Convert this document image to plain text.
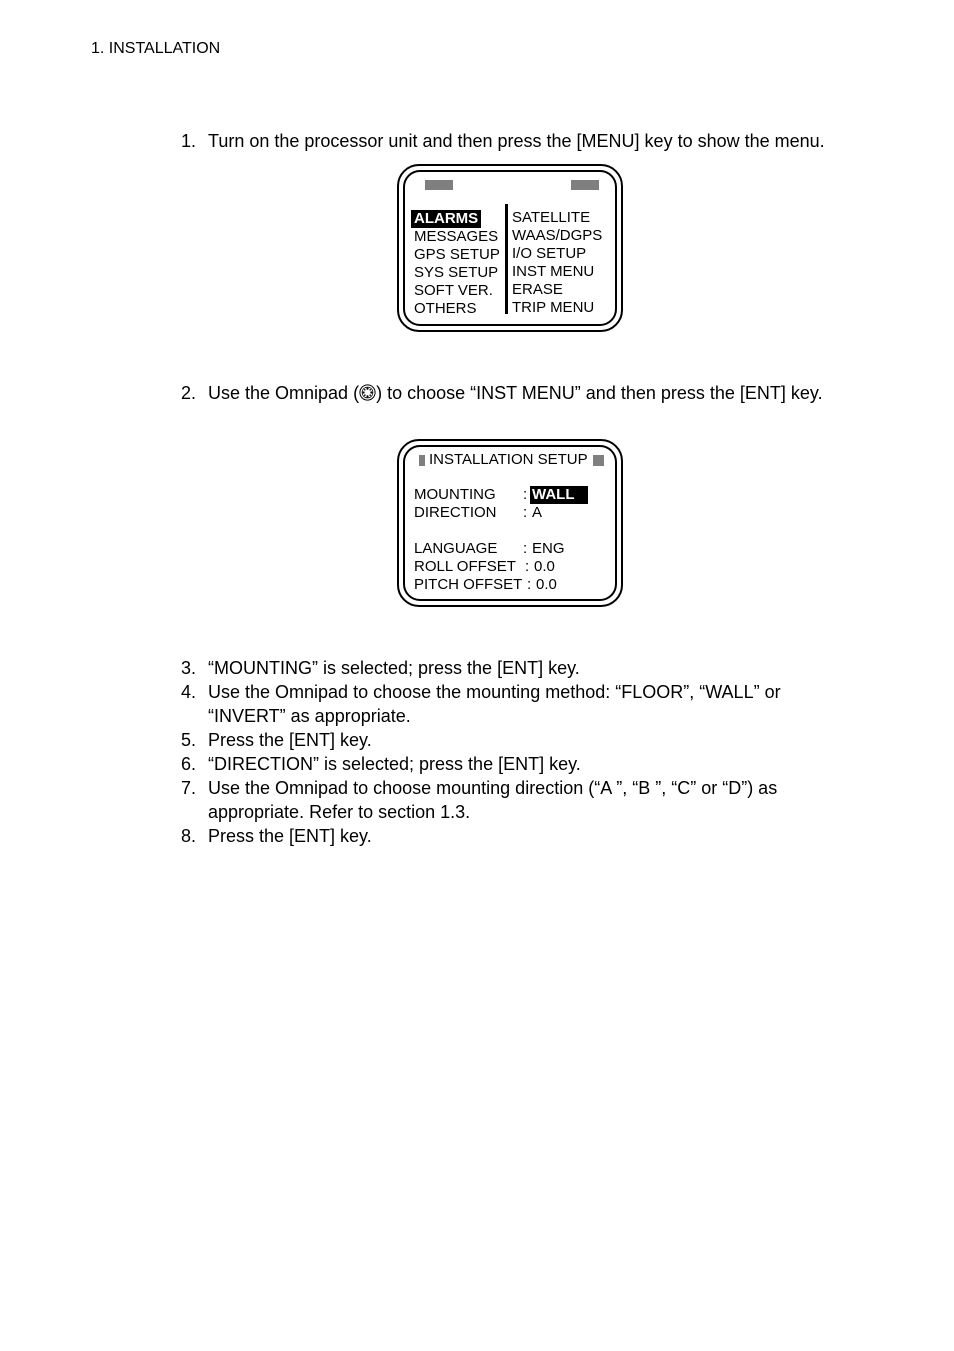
1. INSTALLATION
1. Turn on the processor unit and then press the [MENU] key to show the menu.
ALARMS
MESSAGES
GPS SETUP
SYS SETUP
SOFT VER.
OTHERS
SATELLITE
WAAS/DGPS
I/O SETUP
INST MENU
ERASE
TRIP MENU
2. Use the Omnipad ( ) to choose “INST MENU” and then press the [ENT] key.
INSTALLATION SETUP
MOUNTING : WALL
DIRECTION : A
LANGUAGE : ENG
ROLL OFFSET : 0.0
PITCH OFFSET : 0.0
3. “MOUNTING” is selected; press the [ENT] key.
4. Use the Omnipad to choose the mounting method: “FLOOR”, “WALL” or “INVERT” as appropriate.
5. Press the [ENT] key.
6. “DIRECTION” is selected; press the [ENT] key.
7. Use the Omnipad to choose mounting direction (“A ”, “B ”, “C” or “D”) as appropriate. Refer to section 1.3.
8. Press the [ENT] key.
